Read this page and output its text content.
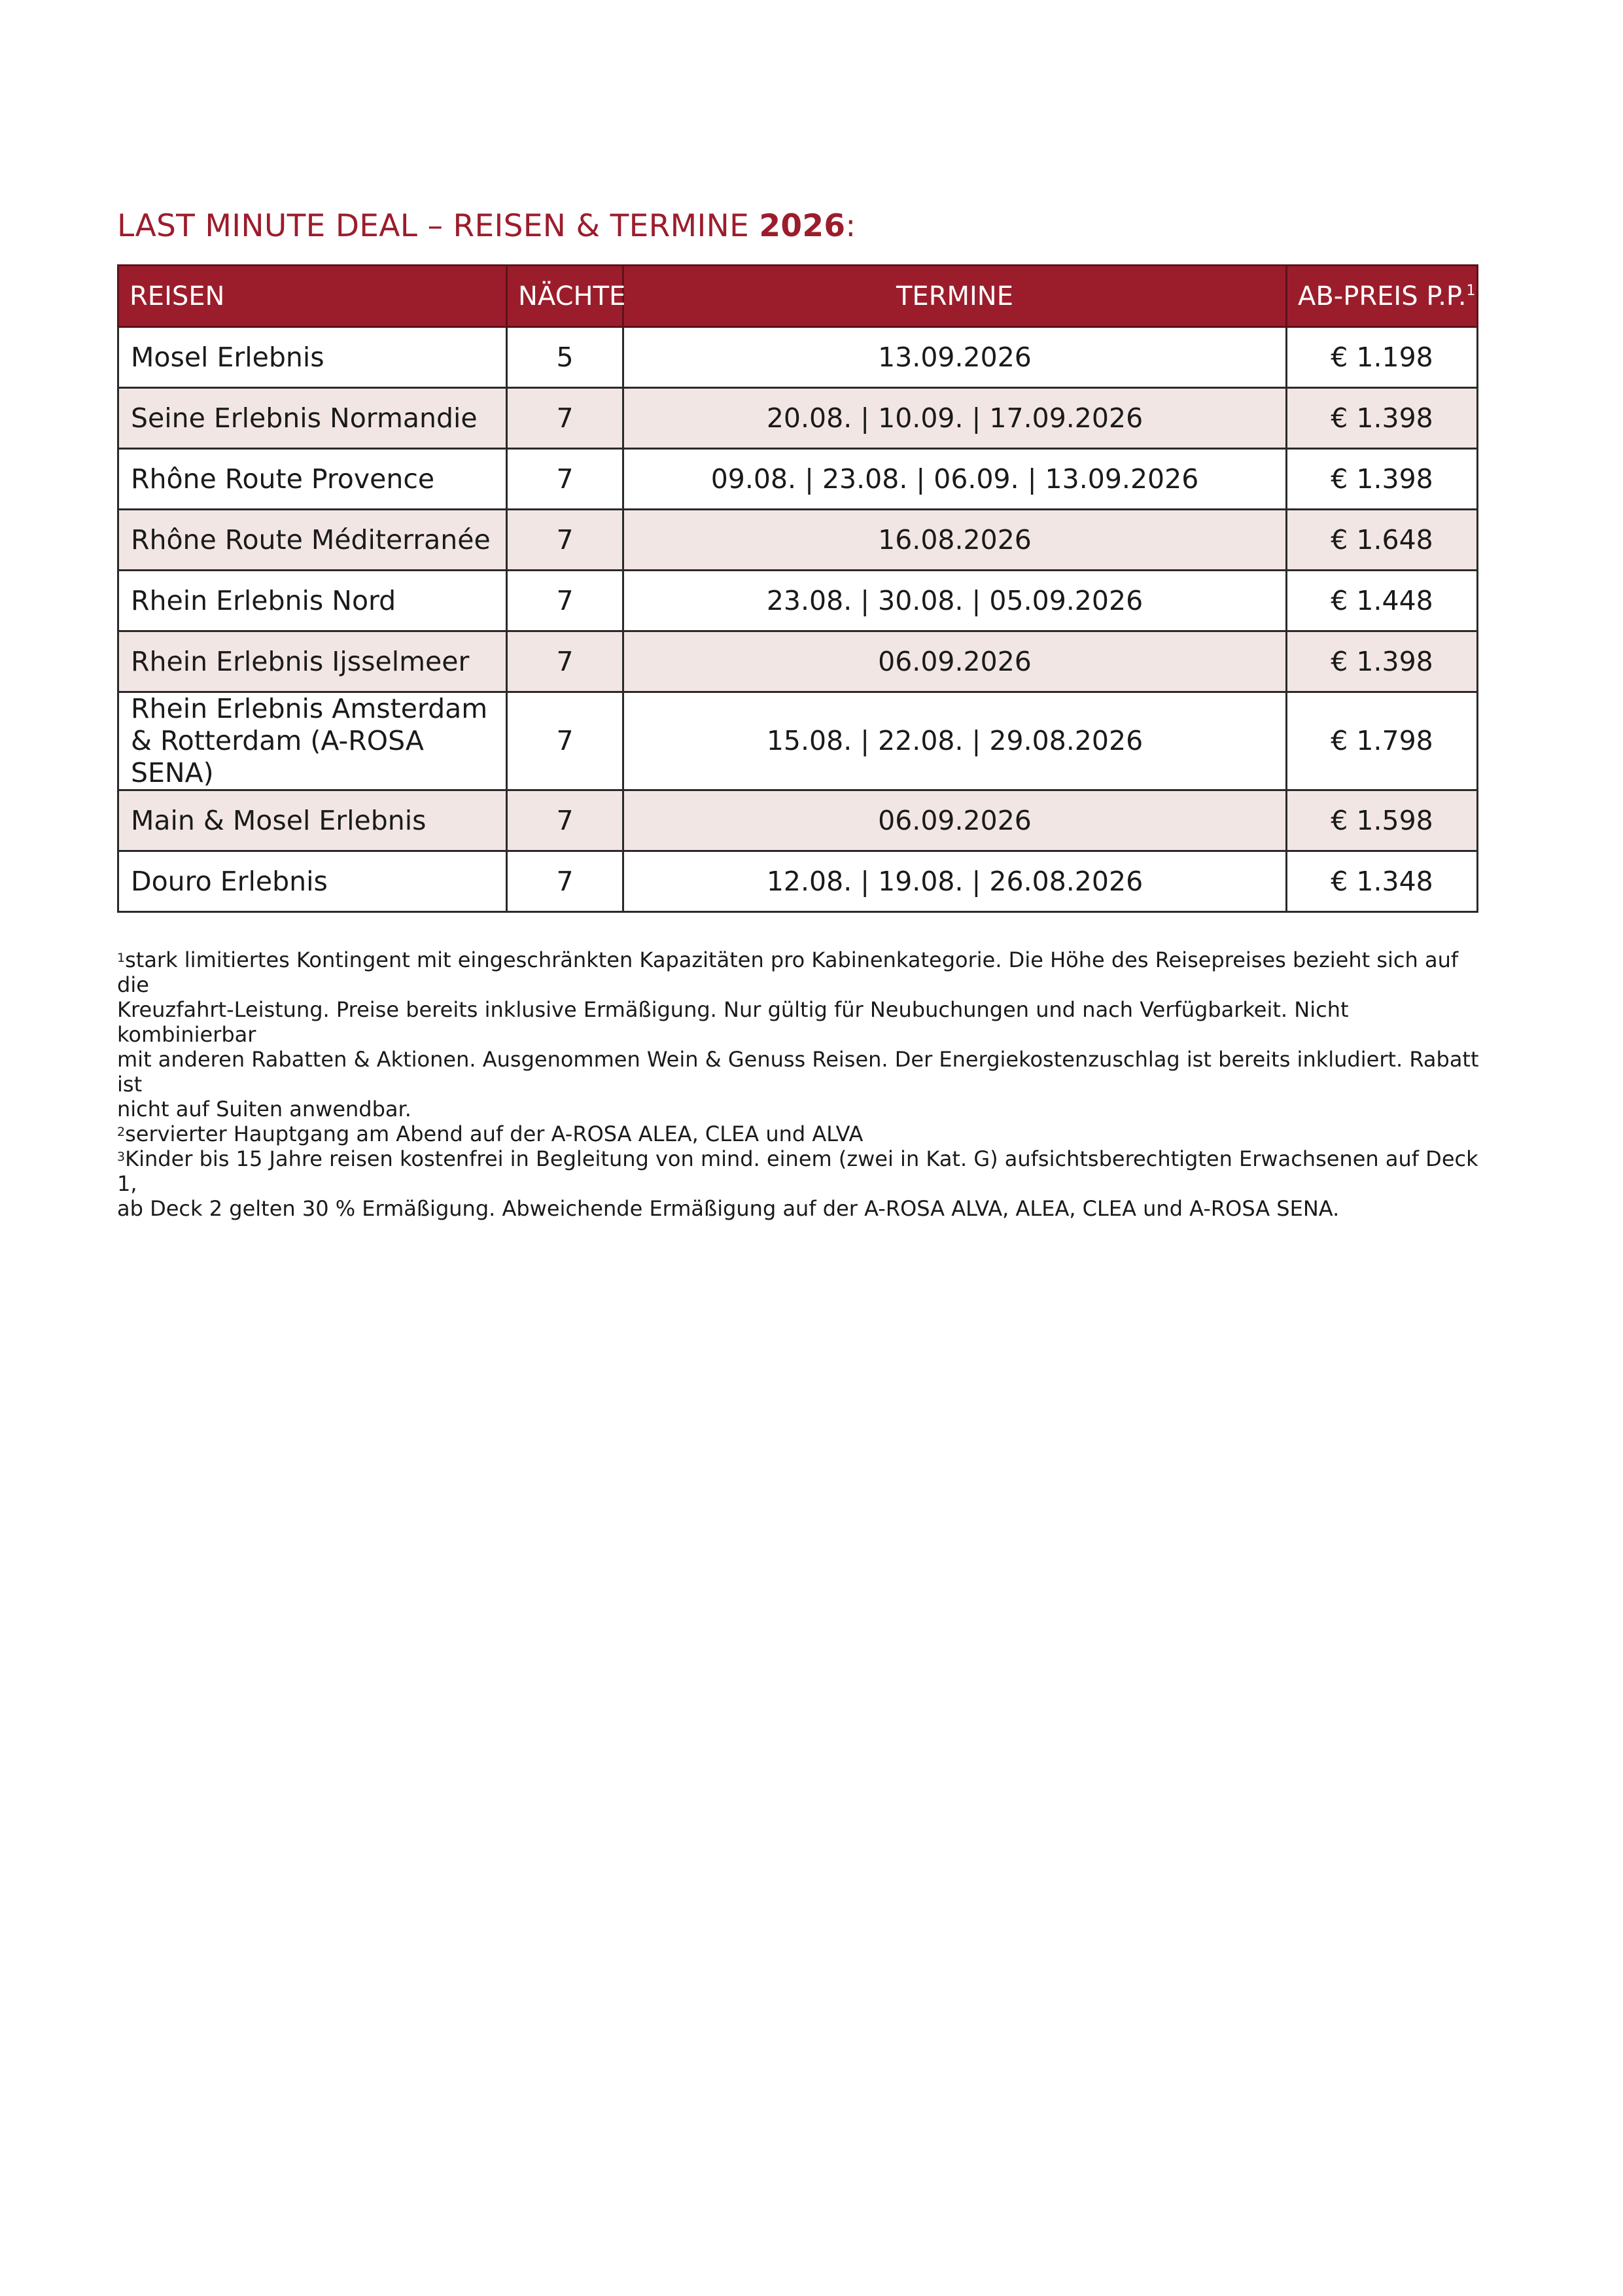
LAST MINUTE DEAL – REISEN & TERMINE 2026:
REISEN	NÄCHTE	TERMINE	AB-PREIS P.P.$^1$
Mosel Erlebnis	5	13.09.2026	€ 1.198
Seine Erlebnis Normandie	7	20.08. | 10.09. | 17.09.2026	€ 1.398
Rhône Route Provence	7	09.08. | 23.08. | 06.09. | 13.09.2026	€ 1.398
Rhône Route Méditerranée	7	16.08.2026	€ 1.648
Rhein Erlebnis Nord	7	23.08. | 30.08. | 05.09.2026	€ 1.448
Rhein Erlebnis Ijsselmeer	7	06.09.2026	€ 1.398
Rhein Erlebnis Amsterdam
& Rotterdam (A-ROSA SENA)	7	15.08. | 22.08. | 29.08.2026	€ 1.798
Main & Mosel Erlebnis	7	06.09.2026	€ 1.598
Douro Erlebnis	7	12.08. | 19.08. | 26.08.2026	€ 1.348

$^1$stark limitiertes Kontingent mit eingeschränkten Kapazitäten pro Kabinenkategorie. Die Höhe des Reisepreises bezieht sich auf die
Kreuzfahrt-Leistung. Preise bereits inklusive Ermäßigung. Nur gültig für Neubuchungen und nach Verfügbarkeit. Nicht kombinierbar
mit anderen Rabatten & Aktionen. Ausgenommen Wein & Genuss Reisen. Der Energiekostenzuschlag ist bereits inkludiert. Rabatt ist
nicht auf Suiten anwendbar.

$^2$servierter Hauptgang am Abend auf der A-ROSA ALEA, CLEA und ALVA

$^3$Kinder bis 15 Jahre reisen kostenfrei in Begleitung von mind. einem (zwei in Kat. G) aufsichtsberechtigten Erwachsenen auf Deck 1,
ab Deck 2 gelten 30 % Ermäßigung. Abweichende Ermäßigung auf der A-ROSA ALVA, ALEA, CLEA und A-ROSA SENA.
